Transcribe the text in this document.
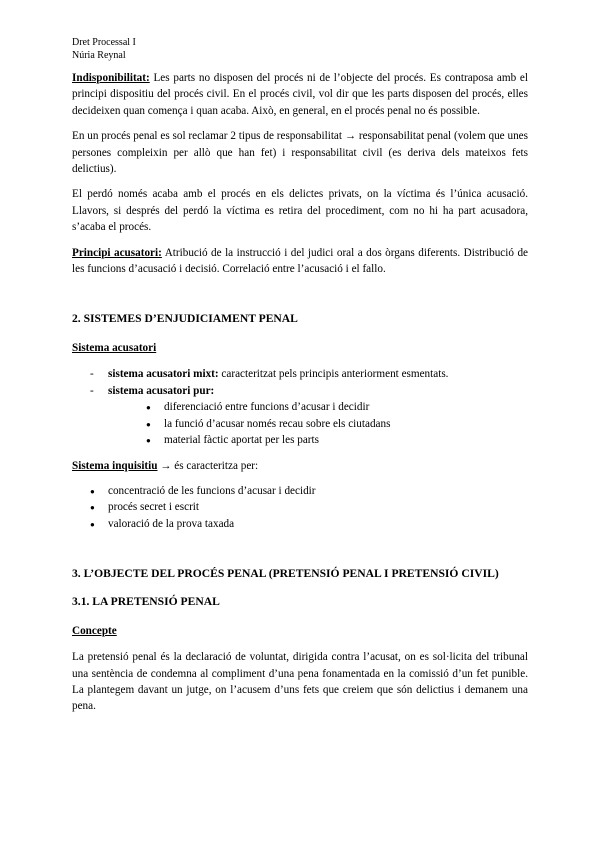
Dret Processal I
Núria Reynal

Indisponibilitat: Les parts no disposen del procés ni de l’objecte del procés. Es contraposa amb el principi dispositiu del procés civil. En el procés civil, vol dir que les parts disposen del procés, elles decideixen quan comença i quan acaba. Això, en general, en el procés penal no és possible.

En un procés penal es sol reclamar 2 tipus de responsabilitat → responsabilitat penal (volem que unes persones compleixin per allò que han fet) i responsabilitat civil (es deriva dels mateixos fets delictius).

El perdó només acaba amb el procés en els delictes privats, on la víctima és l’única acusació. Llavors, si després del perdó la víctima es retira del procediment, com no hi ha part acusadora, s’acaba el procés.

Principi acusatori: Atribució de la instrucció i del judici oral a dos òrgans diferents. Distribució de les funcions d’acusació i decisió. Correlació entre l’acusació i el fallo.

2. SISTEMES D’ENJUDICIAMENT PENAL
Sistema acusatori
- sistema acusatori mixt: caracteritzat pels principis anteriorment esmentats.
- sistema acusatori pur:
● diferenciació entre funcions d’acusar i decidir
● la funció d’acusar només recau sobre els ciutadans
● material fàctic aportat per les parts
Sistema inquisitiu → és caracteritza per:
● concentració de les funcions d’acusar i decidir
● procés secret i escrit
● valoració de la prova taxada
3. L’OBJECTE DEL PROCÉS PENAL (PRETENSIÓ PENAL I PRETENSIÓ CIVIL)
3.1. LA PRETENSIÓ PENAL
Concepte

La pretensió penal és la declaració de voluntat, dirigida contra l’acusat, on es sol·licita del tribunal una sentència de condemna al compliment d’una pena fonamentada en la comissió d’un fet punible. La plantegem davant un jutge, on l’acusem d’uns fets que creiem que són delictius i demanem una pena.
